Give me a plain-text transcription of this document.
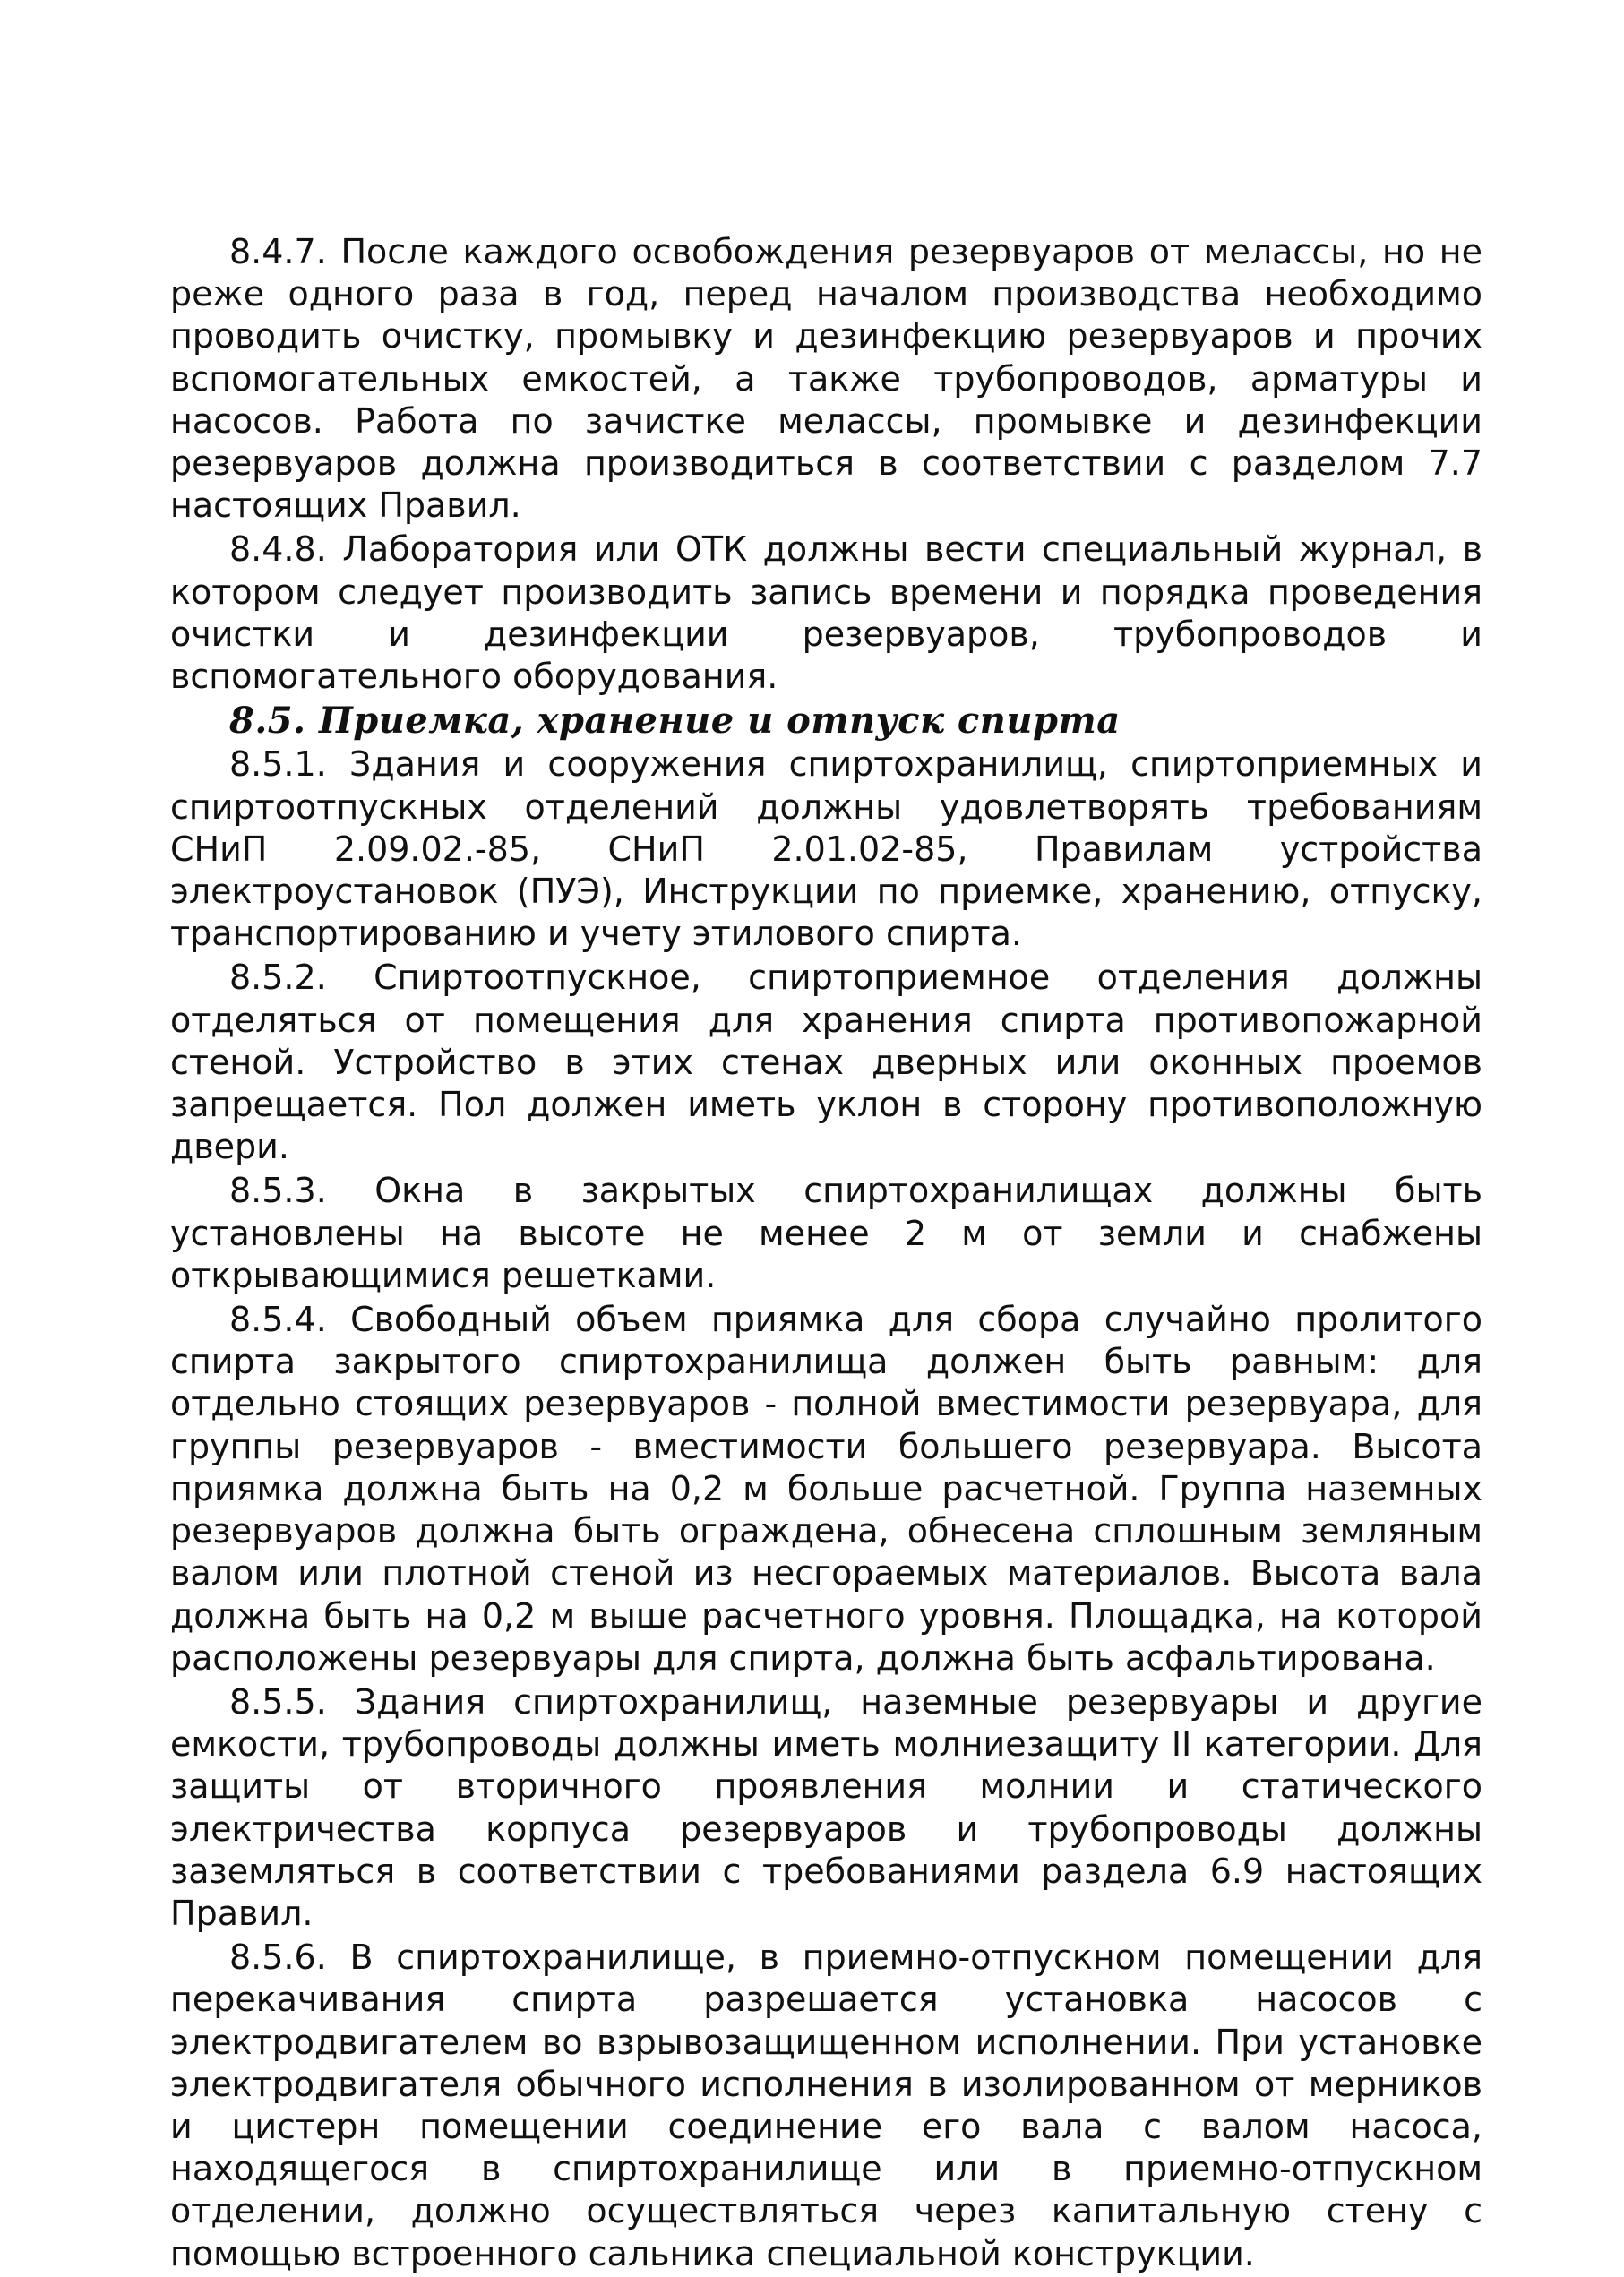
8.4.7. После каждого освобождения резервуаров от мелассы, но не реже одного раза в год, перед началом производства необходимо проводить очистку, промывку и дезинфекцию резервуаров и прочих вспомогательных емкостей, а также трубопроводов, арматуры и насосов. Работа по зачистке мелассы, промывке и дезинфекции резервуаров должна производиться в соответствии с разделом 7.7 настоящих Правил.

8.4.8. Лаборатория или ОТК должны вести специальный журнал, в котором следует производить запись времени и порядка проведения очистки и дезинфекции резервуаров, трубопроводов и вспомогательного оборудования.

8.5. Приемка, хранение и отпуск спирта

8.5.1. Здания и сооружения спиртохранилищ, спиртоприемных и спиртоотпускных отделений должны удовлетворять требованиям СНиП 2.09.02.-85, СНиП 2.01.02-85, Правилам устройства электроустановок (ПУЭ), Инструкции по приемке, хранению, отпуску, транспортированию и учету этилового спирта.

8.5.2. Спиртоотпускное, спиртоприемное отделения должны отделяться от помещения для хранения спирта противопожарной стеной. Устройство в этих стенах дверных или оконных проемов запрещается. Пол должен иметь уклон в сторону противоположную двери.

8.5.3. Окна в закрытых спиртохранилищах должны быть установлены на высоте не менее 2 м от земли и снабжены открывающимися решетками.

8.5.4. Свободный объем приямка для сбора случайно пролитого спирта закрытого спиртохранилища должен быть равным: для отдельно стоящих резервуаров - полной вместимости резервуара, для группы резервуаров - вместимости большего резервуара. Высота приямка должна быть на 0,2 м больше расчетной. Группа наземных резервуаров должна быть ограждена, обнесена сплошным земляным валом или плотной стеной из несгораемых материалов. Высота вала должна быть на 0,2 м выше расчетного уровня. Площадка, на которой расположены резервуары для спирта, должна быть асфальтирована.

8.5.5. Здания спиртохранилищ, наземные резервуары и другие емкости, трубопроводы должны иметь молниезащиту II категории. Для защиты от вторичного проявления молнии и статического электричества корпуса резервуаров и трубопроводы должны заземляться в соответствии с требованиями раздела 6.9 настоящих Правил.

8.5.6. В спиртохранилище, в приемно-отпускном помещении для перекачивания спирта разрешается установка насосов с электродвигателем во взрывозащищенном исполнении. При установке электродвигателя обычного исполнения в изолированном от мерников и цистерн помещении соединение его вала с валом насоса, находящегося в спиртохранилище или в приемно-отпускном отделении, должно осуществляться через капитальную стену с помощью встроенного сальника специальной конструкции.
